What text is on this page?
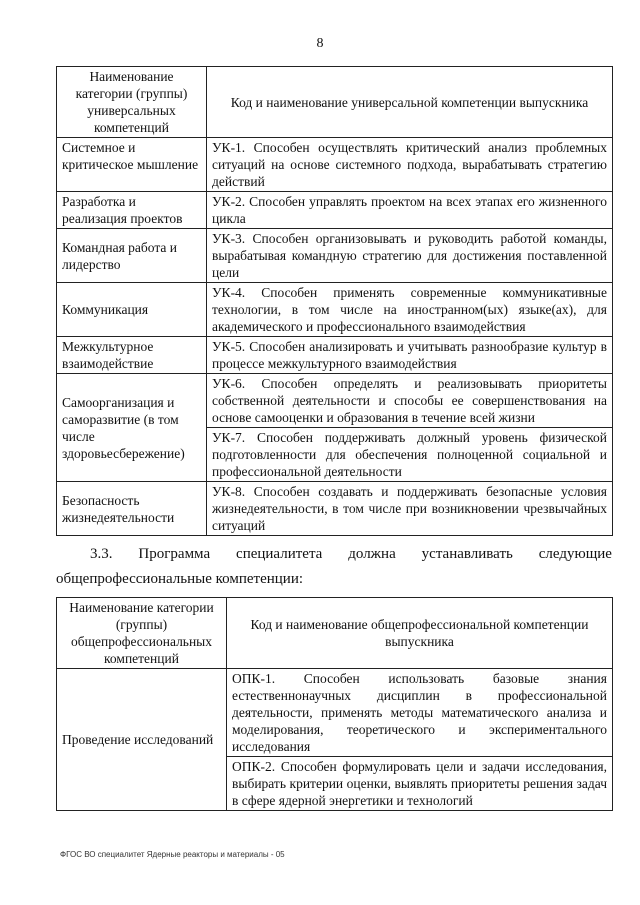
8
Наименование категории (группы) универсальных компетенций	Код и наименование универсальной компетенции выпускника
Системное и критическое мышление	УК-1. Способен осуществлять критический анализ проблемных ситуаций на основе системного подхода, вырабатывать стратегию действий
Разработка и реализация проектов	УК-2. Способен управлять проектом на всех этапах его жизненного цикла
Командная работа и лидерство	УК-3. Способен организовывать и руководить работой команды, вырабатывая командную стратегию для достижения поставленной цели
Коммуникация	УК-4. Способен применять современные коммуникативные технологии, в том числе на иностранном(ых) языке(ах), для академического и профессионального взаимодействия
Межкультурное взаимодействие	УК-5. Способен анализировать и учитывать разнообразие культур в процессе межкультурного взаимодействия
Самоорганизация и саморазвитие (в том числе здоровьесбережение)	УК-6. Способен определять и реализовывать приоритеты собственной деятельности и способы ее совершенствования на основе самооценки и образования в течение всей жизни
	УК-7. Способен поддерживать должный уровень физической подготовленности для обеспечения полноценной социальной и профессиональной деятельности
Безопасность жизнедеятельности	УК-8. Способен создавать и поддерживать безопасные условия жизнедеятельности, в том числе при возникновении чрезвычайных ситуаций
3.3. Программа специалитета должна устанавливать следующие
общепрофессиональные компетенции:
Наименование категории (группы) общепрофессиональных компетенций	Код и наименование общепрофессиональной компетенции выпускника
Проведение исследований	ОПК-1. Способен использовать базовые знания естественнонаучных дисциплин в профессиональной деятельности, применять методы математического анализа и моделирования, теоретического и экспериментального исследования
	ОПК-2. Способен формулировать цели и задачи исследования, выбирать критерии оценки, выявлять приоритеты решения задач в сфере ядерной энергетики и технологий
ФГОС ВО специалитет Ядерные реакторы и материалы - 05
